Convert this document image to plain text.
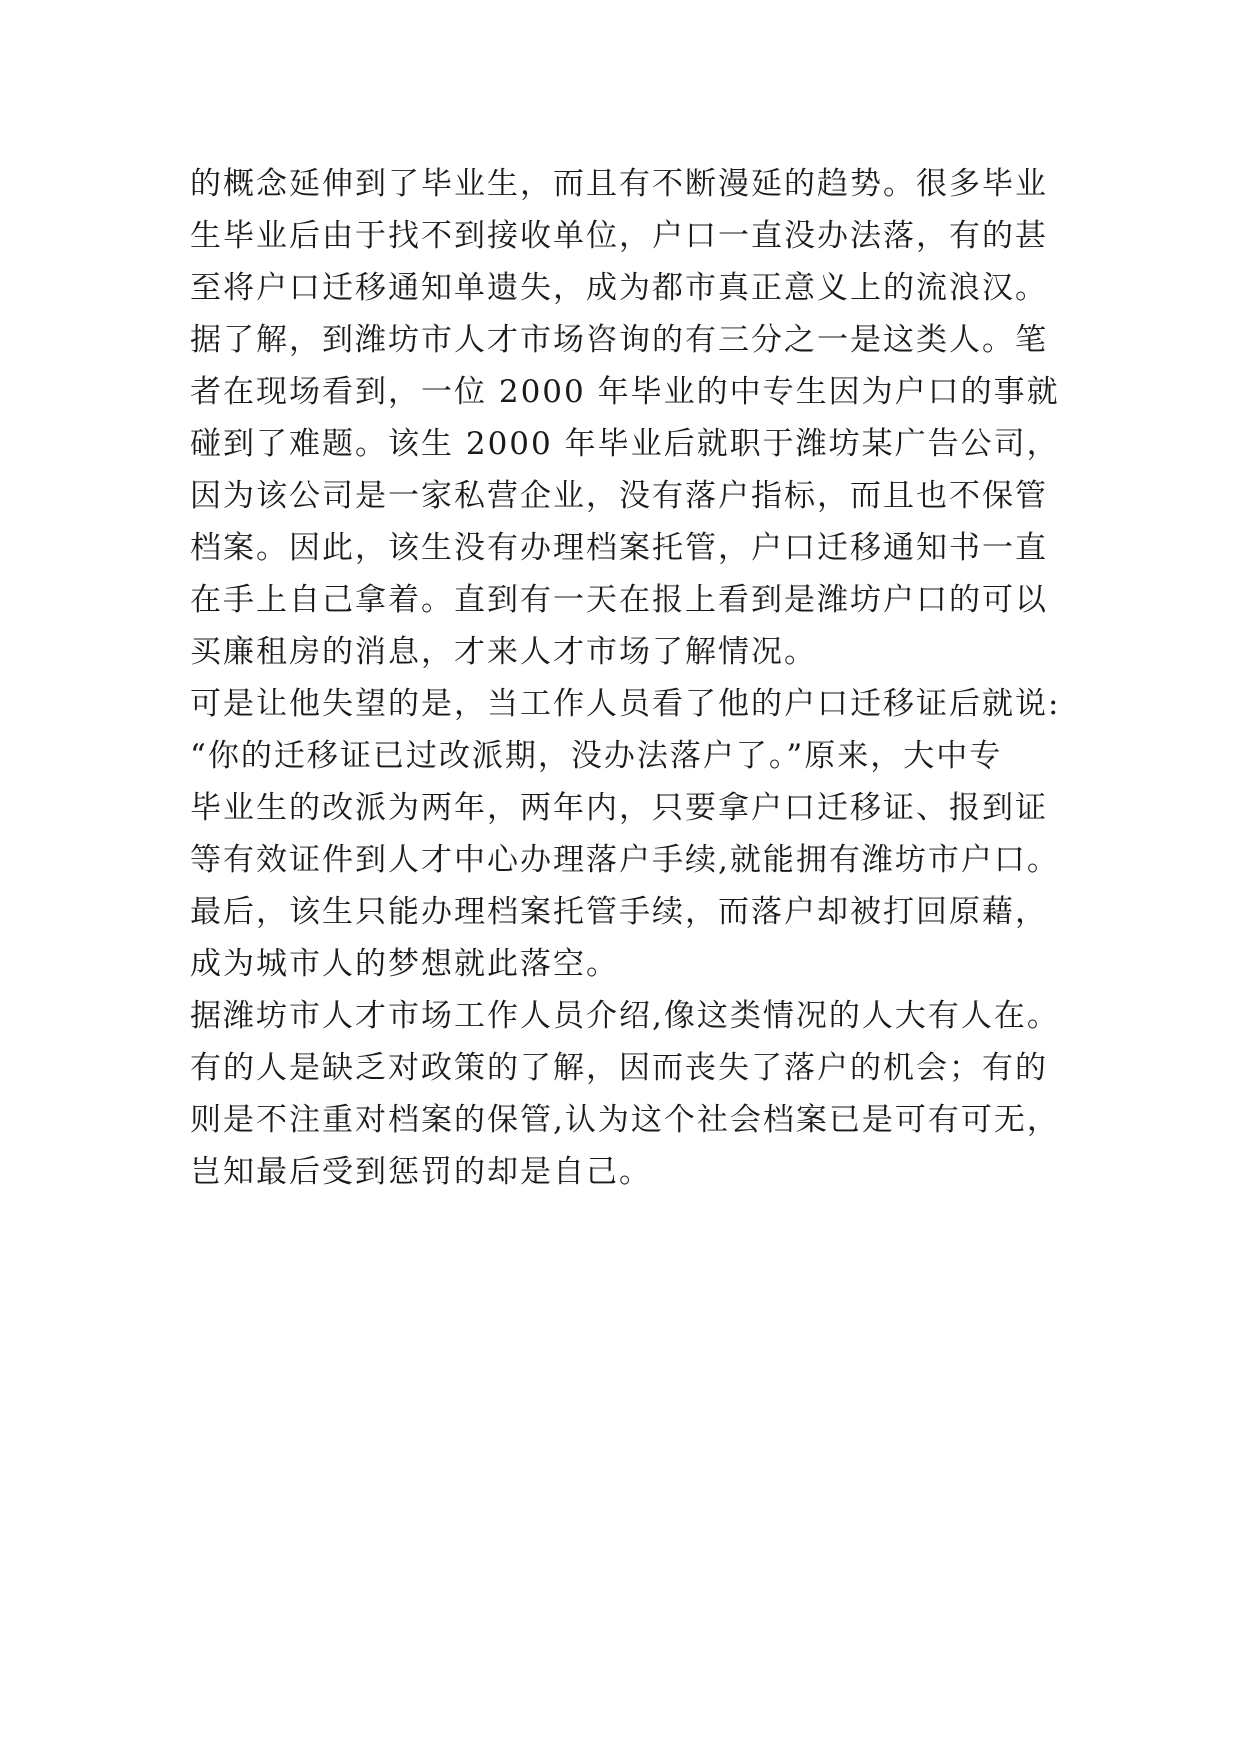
的概念延伸到了毕业生，而且有不断漫延的趋势。很多毕业
生毕业后由于找不到接收单位，户口一直没办法落，有的甚
至将户口迁移通知单遗失，成为都市真正意义上的流浪汉。
据了解，到潍坊市人才市场咨询的有三分之一是这类人。笔
者在现场看到，一位 2000 年毕业的中专生因为户口的事就
碰到了难题。该生 2000 年毕业后就职于潍坊某广告公司，
因为该公司是一家私营企业，没有落户指标，而且也不保管
档案。因此，该生没有办理档案托管，户口迁移通知书一直
在手上自己拿着。直到有一天在报上看到是潍坊户口的可以
买廉租房的消息，才来人才市场了解情况。
可是让他失望的是，当工作人员看了他的户口迁移证后就说:
“你的迁移证已过改派期，没办法落户了。”原来，大中专
毕业生的改派为两年，两年内，只要拿户口迁移证、报到证
等有效证件到人才中心办理落户手续,就能拥有潍坊市户口。
最后，该生只能办理档案托管手续，而落户却被打回原藉，
成为城市人的梦想就此落空。
据潍坊市人才市场工作人员介绍,像这类情况的人大有人在。
有的人是缺乏对政策的了解，因而丧失了落户的机会；有的
则是不注重对档案的保管,认为这个社会档案已是可有可无，
岂知最后受到惩罚的却是自己。
